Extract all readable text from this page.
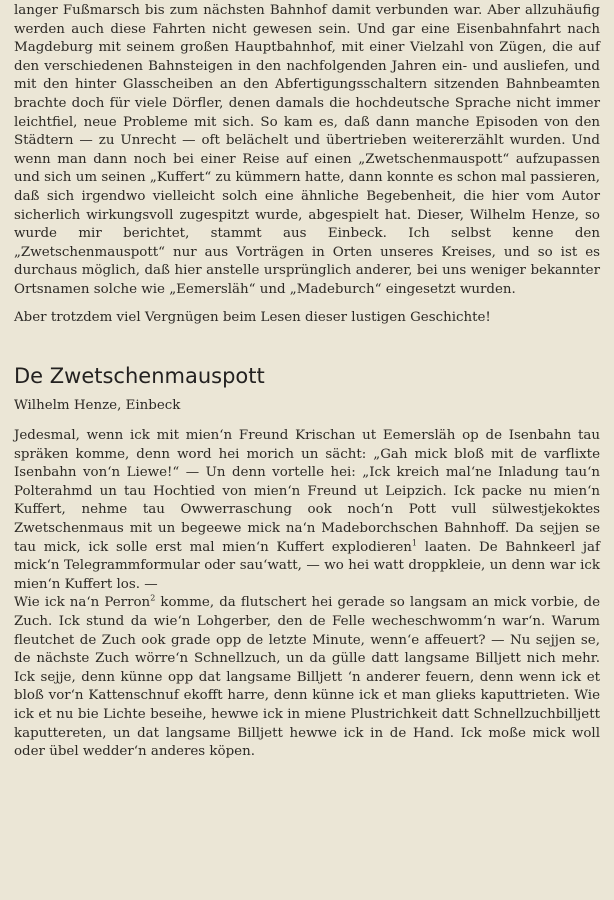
langer Fußmarsch bis zum nächsten Bahnhof damit verbunden war. Aber allzuhäufig werden auch diese Fahrten nicht gewesen sein. Und gar eine Eisenbahnfahrt nach Magdeburg mit seinem großen Hauptbahnhof, mit einer Vielzahl von Zügen, die auf den verschiedenen Bahnsteigen in den nachfolgenden Jahren ein- und ausliefen, und mit den hinter Glasscheiben an den Abfertigungsschaltern sitzenden Bahnbeamten brachte doch für viele Dörfler, denen damals die hochdeutsche Sprache nicht immer leichtfiel, neue Probleme mit sich. So kam es, daß dann manche Episoden von den Städtern — zu Unrecht — oft belächelt und übertrieben weitererzählt wurden. Und wenn man dann noch bei einer Reise auf einen „Zwetschenmauspott“ aufzupassen und sich um seinen „Kuffert“ zu kümmern hatte, dann konnte es schon mal passieren, daß sich irgendwo vielleicht solch eine ähnliche Begebenheit, die hier vom Autor sicherlich wirkungsvoll zugespitzt wurde, abgespielt hat. Dieser, Wilhelm Henze, so wurde mir berichtet, stammt aus Einbeck. Ich selbst kenne den „Zwetschenmauspott“ nur aus Vorträgen in Orten unseres Kreises, und so ist es durchaus möglich, daß hier anstelle ursprünglich anderer, bei uns weniger bekannter Ortsnamen solche wie „Eemersläh“ und „Madeburch“ eingesetzt wurden.

Aber trotzdem viel Vergnügen beim Lesen dieser lustigen Geschichte!

De Zwetschenmauspott
Wilhelm Henze, Einbeck

Jedesmal, wenn ick mit mien‘n Freund Krischan ut Eemersläh op de Isenbahn tau spräken komme, denn word hei morich un sächt: „Gah mick bloß mit de varflixte Isenbahn von‘n Liewe!“ — Un denn vortelle hei: „Ick kreich mal‘ne Inladung tau‘n Polterahmd un tau Hochtied von mien‘n Freund ut Leipzich. Ick packe nu mien‘n Kuffert, nehme tau Owwerraschung ook noch‘n Pott vull sülwestjekoktes Zwetschenmaus mit un begeewe mick na‘n Madeborchschen Bahnhoff. Da sejjen se tau mick, ick solle erst mal mien‘n Kuffert explodieren$^1$ laaten. De Bahnkeerl jaf mick‘n Telegrammformular oder sau‘watt, — wo hei watt droppkleie, un denn war ick mien‘n Kuffert los. —

Wie ick na‘n Perron$^2$ komme, da flutschert hei gerade so langsam an mick vorbie, de Zuch. Ick stund da wie‘n Lohgerber, den de Felle wecheschwomm‘n war‘n. Warum fleutchet de Zuch ook grade opp de letzte Minute, wenn‘e affeuert? — Nu sejjen se, de nächste Zuch wörre‘n Schnellzuch, un da gülle datt langsame Billjett nich mehr. Ick sejje, denn künne opp dat langsame Billjett ‘n anderer feuern, denn wenn ick et bloß vor‘n Kattenschnuf ekofft harre, denn künne ick et man glieks kaputtrieten. Wie ick et nu bie Lichte beseihe, hewwe ick in miene Plustrichkeit datt Schnellzuchbilljett kaputtereten, un dat langsame Billjett hewwe ick in de Hand. Ick moße mick woll oder übel wedder‘n anderes köpen.
